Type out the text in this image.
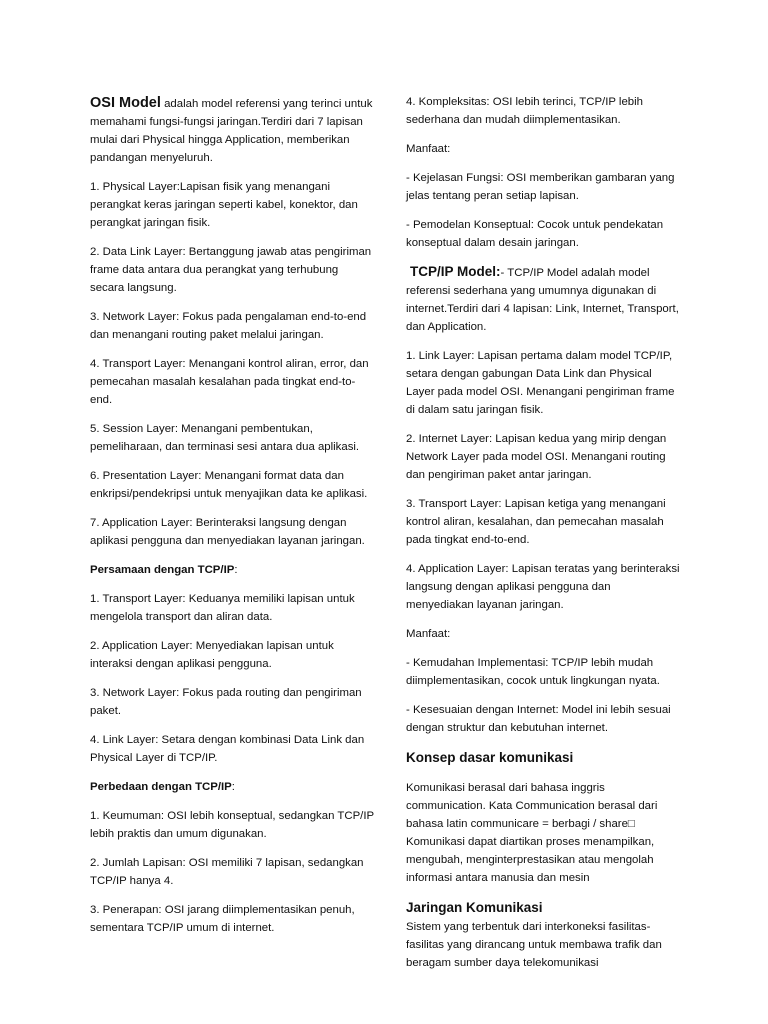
OSI Model adalah model referensi yang terinci untuk memahami fungsi-fungsi jaringan.Terdiri dari 7 lapisan mulai dari Physical hingga Application, memberikan pandangan menyeluruh.

1. Physical Layer:Lapisan fisik yang menangani perangkat keras jaringan seperti kabel, konektor, dan perangkat jaringan fisik.

2. Data Link Layer: Bertanggung jawab atas pengiriman frame data antara dua perangkat yang terhubung secara langsung.

3. Network Layer: Fokus pada pengalaman end-to-end dan menangani routing paket melalui jaringan.

4. Transport Layer: Menangani kontrol aliran, error, dan pemecahan masalah kesalahan pada tingkat end-to-end.

5. Session Layer: Menangani pembentukan, pemeliharaan, dan terminasi sesi antara dua aplikasi.

6. Presentation Layer: Menangani format data dan enkripsi/pendekripsi untuk menyajikan data ke aplikasi.

7. Application Layer: Berinteraksi langsung dengan aplikasi pengguna dan menyediakan layanan jaringan.

Persamaan dengan TCP/IP:

1. Transport Layer: Keduanya memiliki lapisan untuk mengelola transport dan aliran data.

2. Application Layer: Menyediakan lapisan untuk interaksi dengan aplikasi pengguna.

3. Network Layer: Fokus pada routing dan pengiriman paket.

4. Link Layer: Setara dengan kombinasi Data Link dan Physical Layer di TCP/IP.

Perbedaan dengan TCP/IP:

1. Keumuman: OSI lebih konseptual, sedangkan TCP/IP lebih praktis dan umum digunakan.

2. Jumlah Lapisan: OSI memiliki 7 lapisan, sedangkan TCP/IP hanya 4.

3. Penerapan: OSI jarang diimplementasikan penuh, sementara TCP/IP umum di internet.

4. Kompleksitas: OSI lebih terinci, TCP/IP lebih sederhana dan mudah diimplementasikan.

Manfaat:

- Kejelasan Fungsi: OSI memberikan gambaran yang jelas tentang peran setiap lapisan.

- Pemodelan Konseptual: Cocok untuk pendekatan konseptual dalam desain jaringan.

TCP/IP Model:- TCP/IP Model adalah model referensi sederhana yang umumnya digunakan di internet.Terdiri dari 4 lapisan: Link, Internet, Transport, dan Application.

1. Link Layer: Lapisan pertama dalam model TCP/IP, setara dengan gabungan Data Link dan Physical Layer pada model OSI. Menangani pengiriman frame di dalam satu jaringan fisik.

2. Internet Layer: Lapisan kedua yang mirip dengan Network Layer pada model OSI. Menangani routing dan pengiriman paket antar jaringan.

3. Transport Layer: Lapisan ketiga yang menangani kontrol aliran, kesalahan, dan pemecahan masalah pada tingkat end-to-end.

4. Application Layer: Lapisan teratas yang berinteraksi langsung dengan aplikasi pengguna dan menyediakan layanan jaringan.

Manfaat:

- Kemudahan Implementasi: TCP/IP lebih mudah diimplementasikan, cocok untuk lingkungan nyata.

- Kesesuaian dengan Internet: Model ini lebih sesuai dengan struktur dan kebutuhan internet.

Konsep dasar komunikasi

Komunikasi berasal dari bahasa inggris communication. Kata Communication berasal dari bahasa latin communicare = berbagi / share□ Komunikasi dapat diartikan proses menampilkan, mengubah, menginterprestasikan atau mengolah informasi antara manusia dan mesin

Jaringan Komunikasi

Sistem yang terbentuk dari interkoneksi fasilitas-fasilitas yang dirancang untuk membawa trafik dan beragam sumber daya telekomunikasi
